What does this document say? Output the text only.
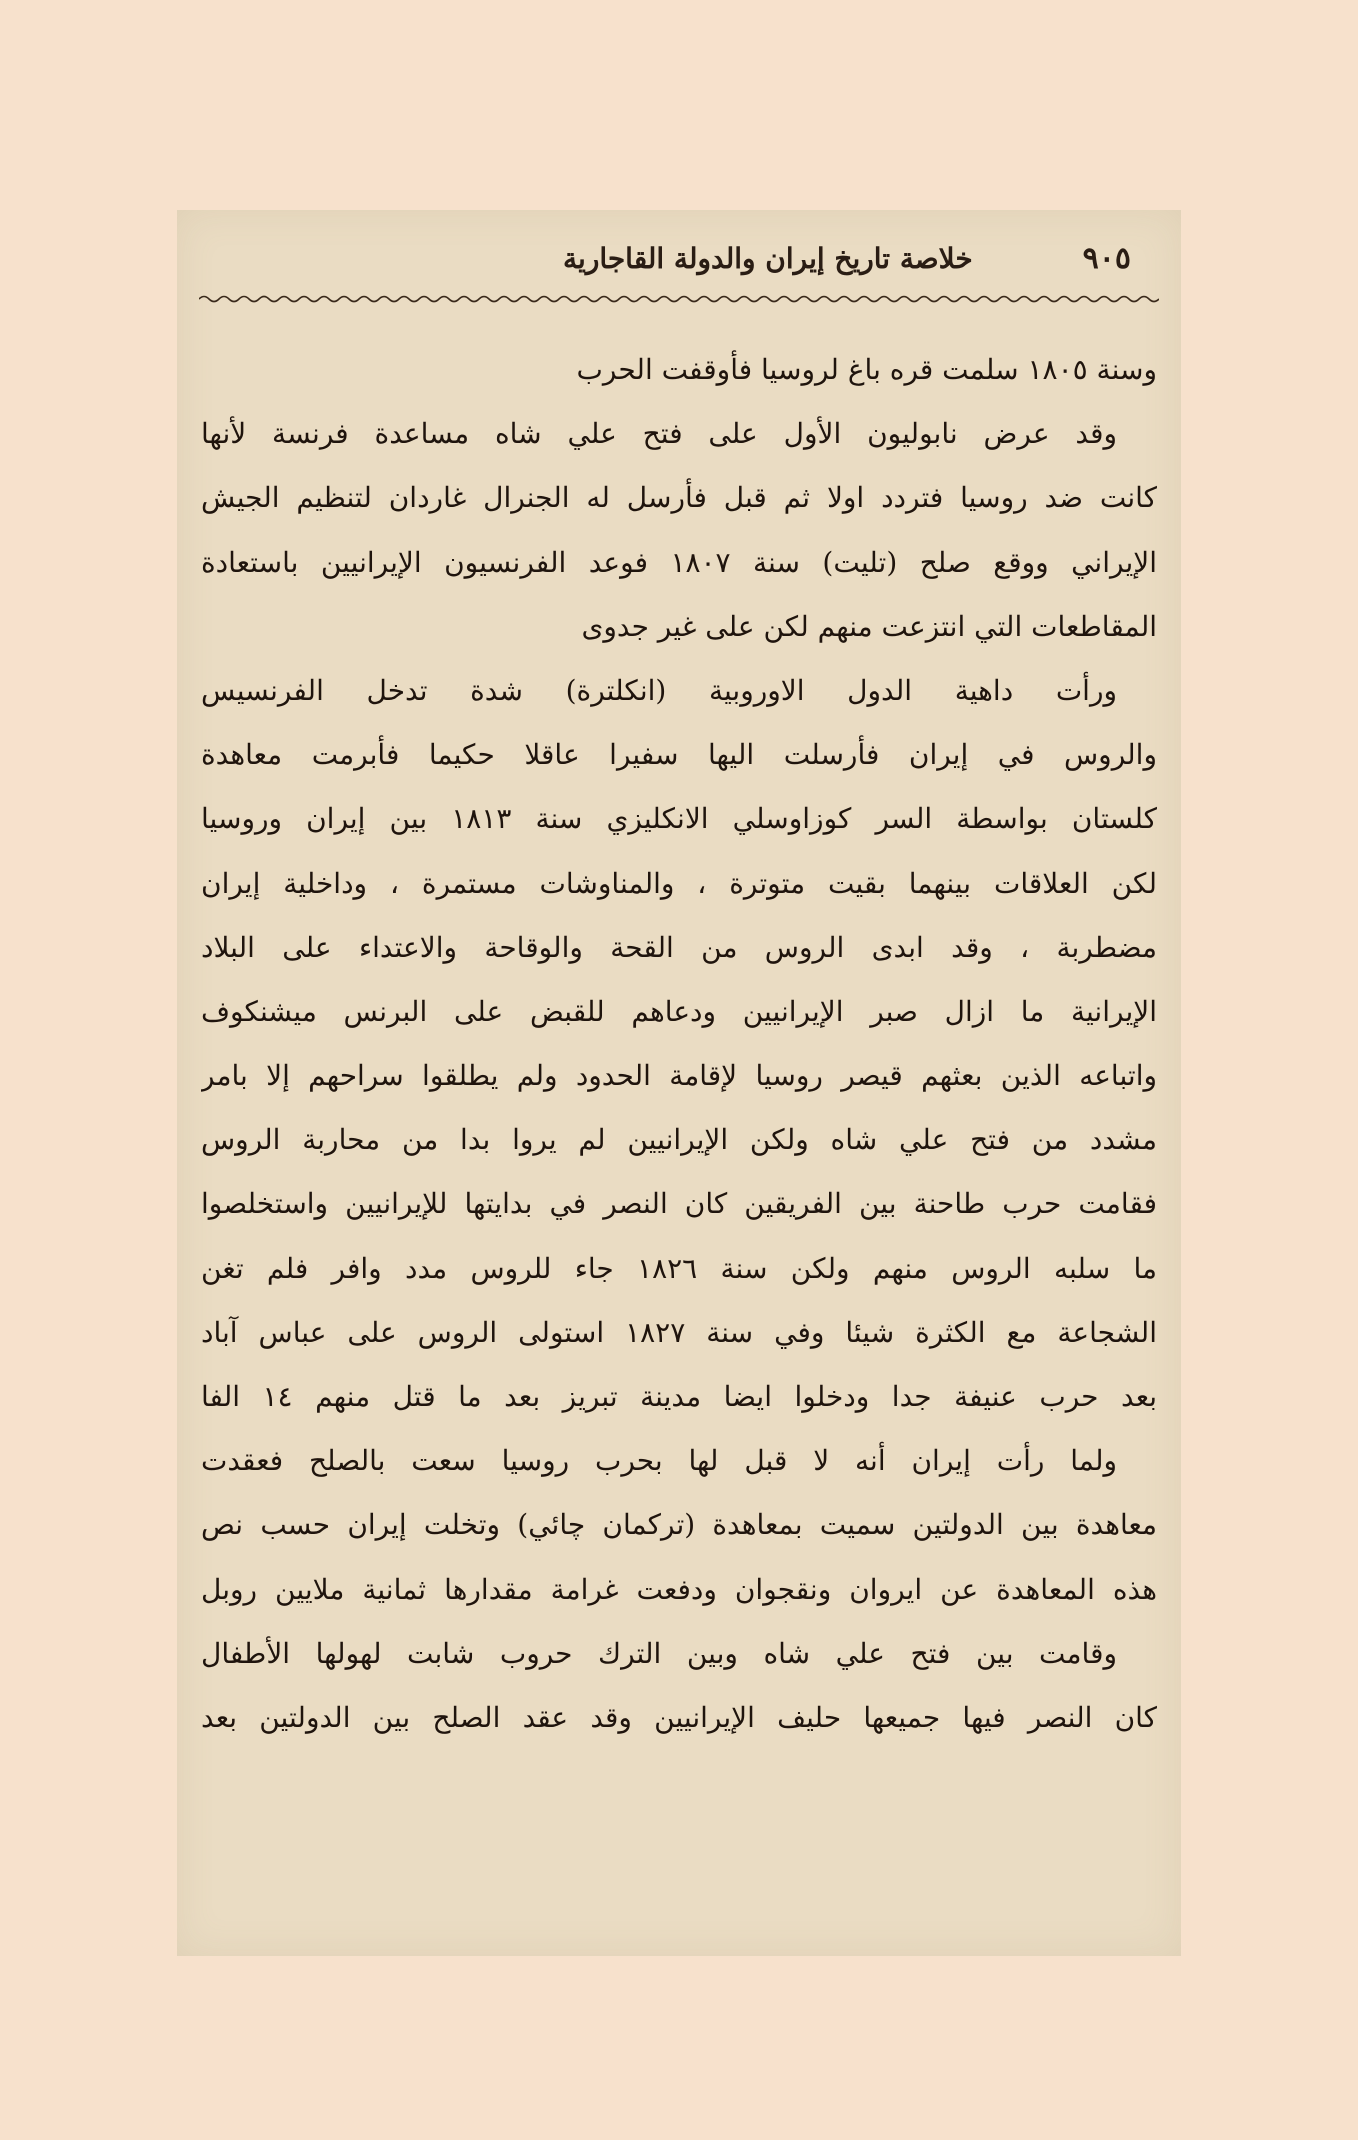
٩٠٥
خلاصة تاريخ إيران والدولة القاجارية
وسنة ١٨٠٥ سلمت قره باغ لروسيا فأوقفت الحرب
وقد عرض نابوليون الأول على فتح علي شاه مساعدة فرنسة لأنها
كانت ضد روسيا فتردد اولا ثم قبل فأرسل له الجنرال غاردان لتنظيم الجيش
الإيراني ووقع صلح (تليت) سنة ١٨٠٧ فوعد الفرنسيون الإيرانيين باستعادة
المقاطعات التي انتزعت منهم لكن على غير جدوى
ورأت داهية الدول الاوروبية (انكلترة) شدة تدخل الفرنسيس
والروس في إيران فأرسلت اليها سفيرا عاقلا حكيما فأبرمت معاهدة
كلستان بواسطة السر كوزاوسلي الانكليزي سنة ١٨١٣ بين إيران وروسيا
لكن العلاقات بينهما بقيت متوترة ، والمناوشات مستمرة ، وداخلية إيران
مضطربة ، وقد ابدى الروس من القحة والوقاحة والاعتداء على البلاد
الإيرانية ما ازال صبر الإيرانيين ودعاهم للقبض على البرنس ميشنكوف
واتباعه الذين بعثهم قيصر روسيا لإقامة الحدود ولم يطلقوا سراحهم إلا بامر
مشدد من فتح علي شاه ولكن الإيرانيين لم يروا بدا من محاربة الروس
فقامت حرب طاحنة بين الفريقين كان النصر في بدايتها للإيرانيين واستخلصوا
ما سلبه الروس منهم ولكن سنة ١٨٢٦ جاء للروس مدد وافر فلم تغن
الشجاعة مع الكثرة شيئا وفي سنة ١٨٢٧ استولى الروس على عباس آباد
بعد حرب عنيفة جدا ودخلوا ايضا مدينة تبريز بعد ما قتل منهم ١٤ الفا
ولما رأت إيران أنه لا قبل لها بحرب روسيا سعت بالصلح فعقدت
معاهدة بين الدولتين سميت بمعاهدة (تركمان چائي) وتخلت إيران حسب نص
هذه المعاهدة عن ايروان ونقجوان ودفعت غرامة مقدارها ثمانية ملايين روبل
وقامت بين فتح علي شاه وبين الترك حروب شابت لهولها الأطفال
كان النصر فيها جميعها حليف الإيرانيين وقد عقد الصلح بين الدولتين بعد
